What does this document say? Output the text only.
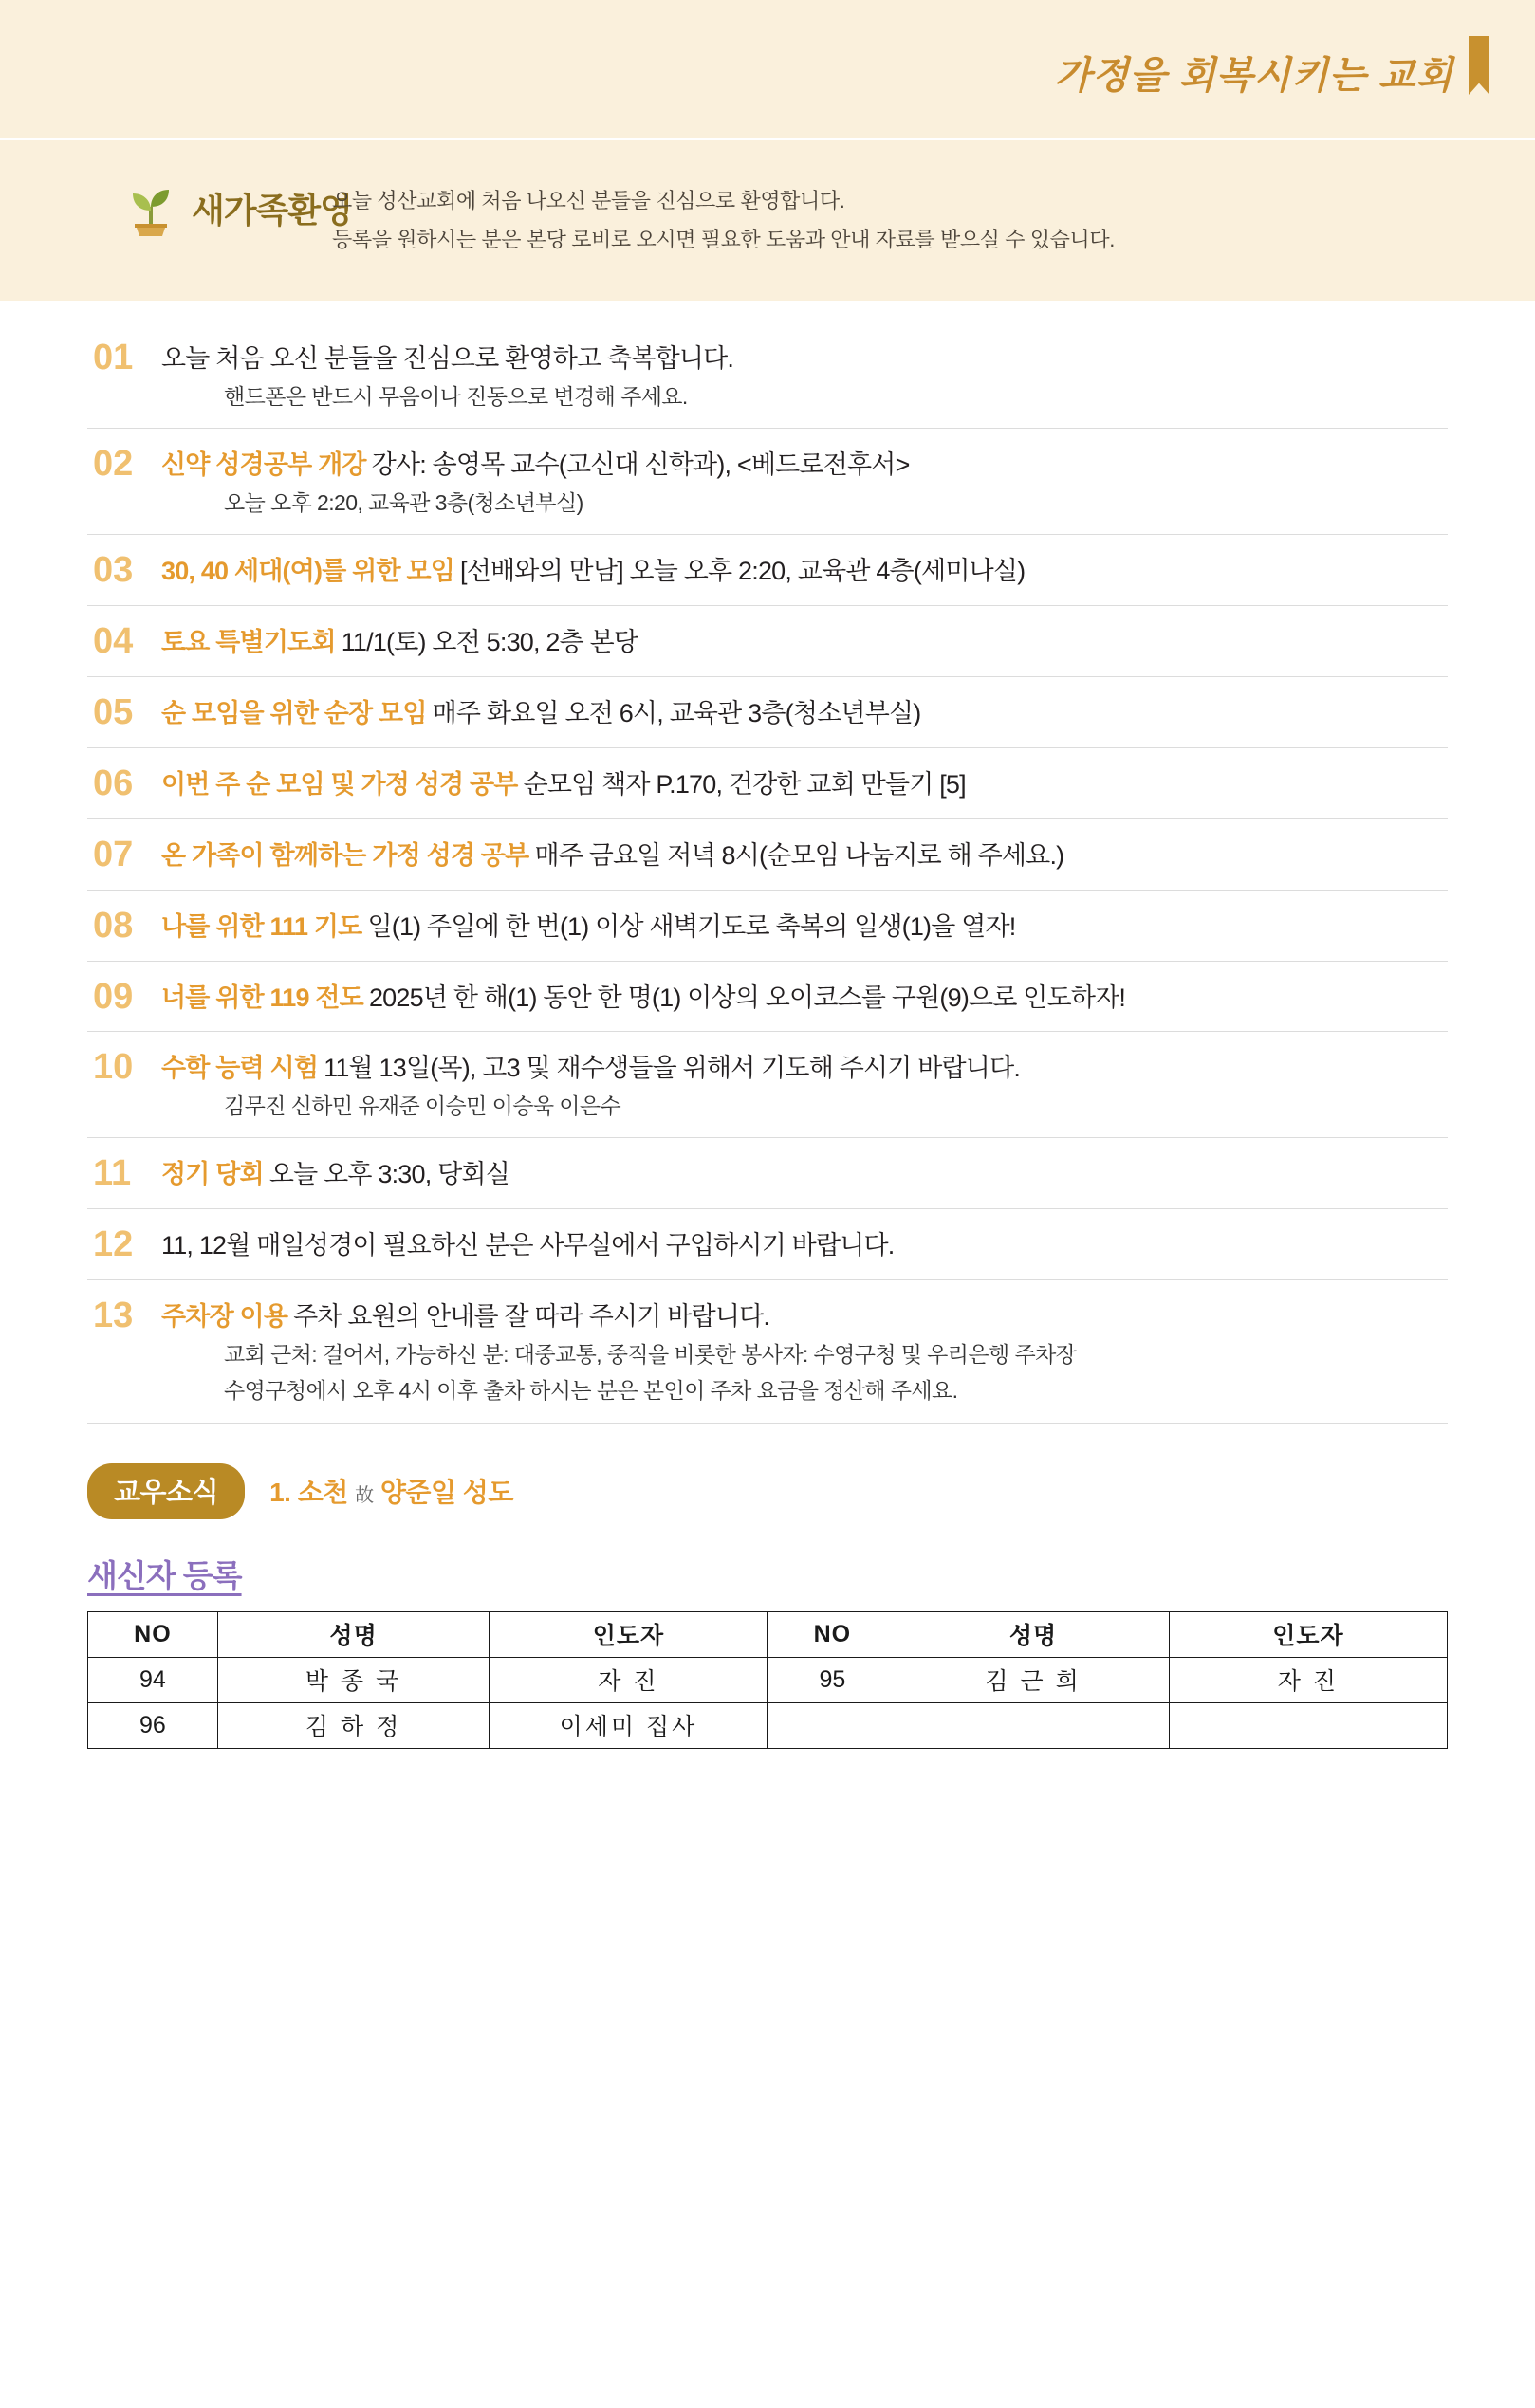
가정을 회복시키는 교회
새가족환영
오늘 성산교회에 처음 나오신 분들을 진심으로 환영합니다.
등록을 원하시는 분은 본당 로비로 오시면 필요한 도움과 안내 자료를 받으실 수 있습니다.
01	오늘 처음 오신 분들을 진심으로 환영하고 축복합니다.
핸드폰은 반드시 무음이나 진동으로 변경해 주세요.
02	신약 성경공부 개강 강사: 송영목 교수(고신대 신학과), <베드로전후서>
오늘 오후 2:20, 교육관 3층(청소년부실)
03	30, 40 세대(여)를 위한 모임 [선배와의 만남] 오늘 오후 2:20, 교육관 4층(세미나실)
04	토요 특별기도회 11/1(토) 오전 5:30, 2층 본당
05	순 모임을 위한 순장 모임 매주 화요일 오전 6시, 교육관 3층(청소년부실)
06	이번 주 순 모임 및 가정 성경 공부 순모임 책자 P.170, 건강한 교회 만들기 [5]
07	온 가족이 함께하는 가정 성경 공부 매주 금요일 저녁 8시(순모임 나눔지로 해 주세요.)
08	나를 위한 111 기도 일(1) 주일에 한 번(1) 이상 새벽기도로 축복의 일생(1)을 열자!
09	너를 위한 119 전도 2025년 한 해(1) 동안 한 명(1) 이상의 오이코스를 구원(9)으로 인도하자!
10	수학 능력 시험 11월 13일(목), 고3 및 재수생들을 위해서 기도해 주시기 바랍니다.
김무진 신하민 유재준 이승민 이승욱 이은수
11	정기 당회 오늘 오후 3:30, 당회실
12	11, 12월 매일성경이 필요하신 분은 사무실에서 구입하시기 바랍니다.
13	주차장 이용 주차 요원의 안내를 잘 따라 주시기 바랍니다.
교회 근처: 걸어서, 가능하신 분: 대중교통, 중직을 비롯한 봉사자: 수영구청 및 우리은행 주차장
수영구청에서 오후 4시 이후 출차 하시는 분은 본인이 주차 요금을 정산해 주세요.
교우소식	1. 소천 故 양준일 성도
새신자 등록
NO	성명	인도자	NO	성명	인도자
94	박 종 국	자 진	95	김 근 희	자 진
96	김 하 정	이세미 집사			
